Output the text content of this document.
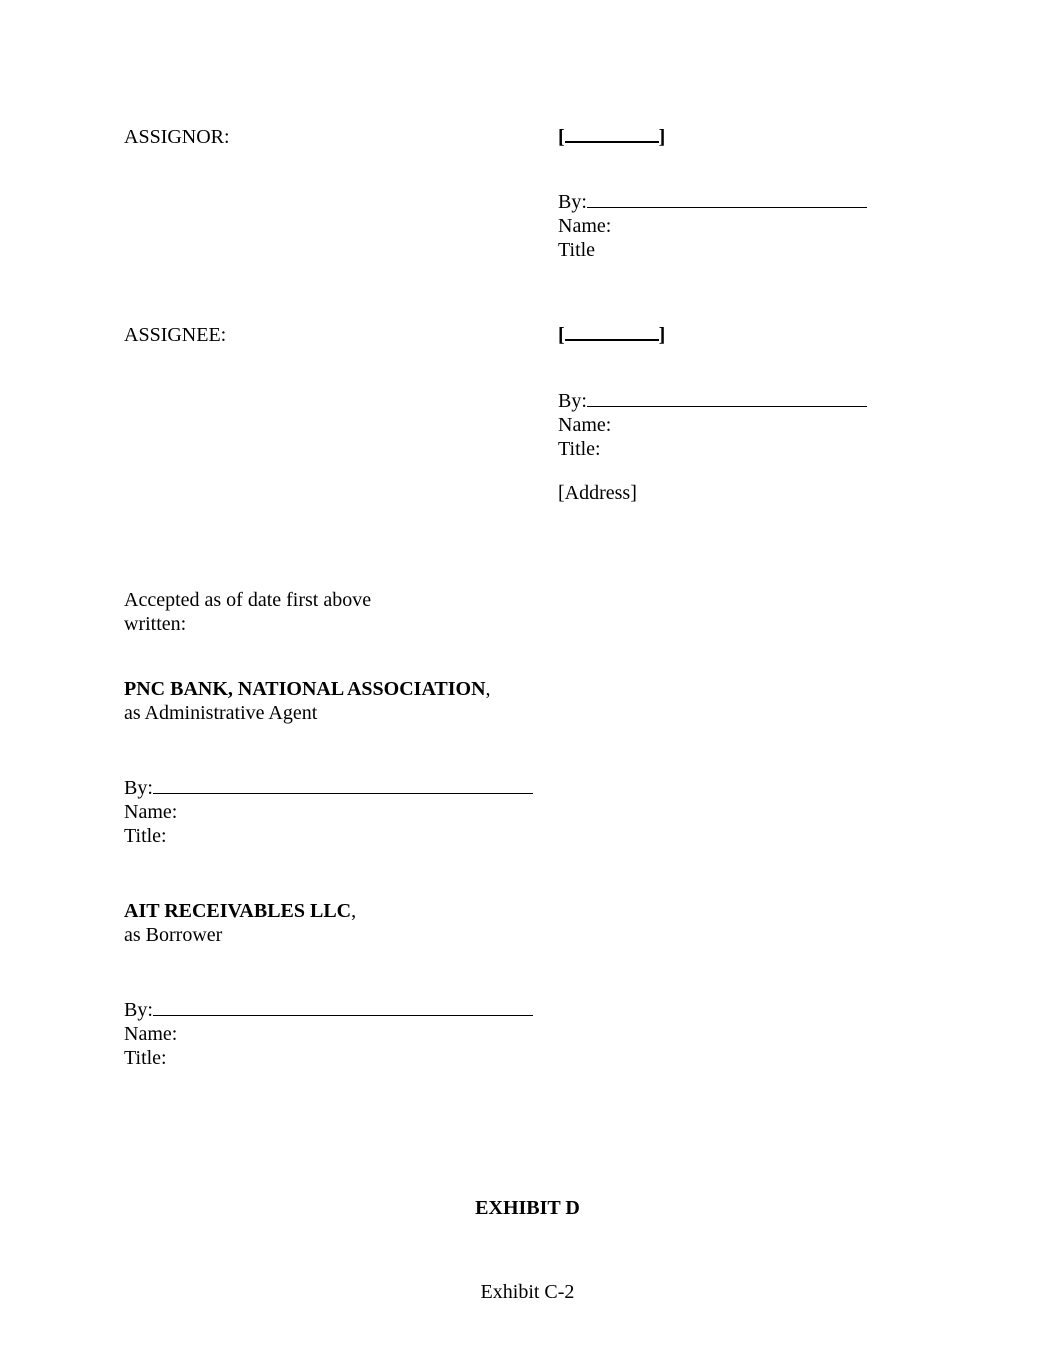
ASSIGNOR:	[	]
By:
Name:
Title
ASSIGNEE:	[	]
By:
Name:
Title:
[Address]
Accepted as of date first above
written:
PNC BANK, NATIONAL ASSOCIATION,
as Administrative Agent
By:
Name:
Title:
AIT RECEIVABLES LLC,
as Borrower
By:
Name:
Title:
EXHIBIT D
Exhibit C-2
